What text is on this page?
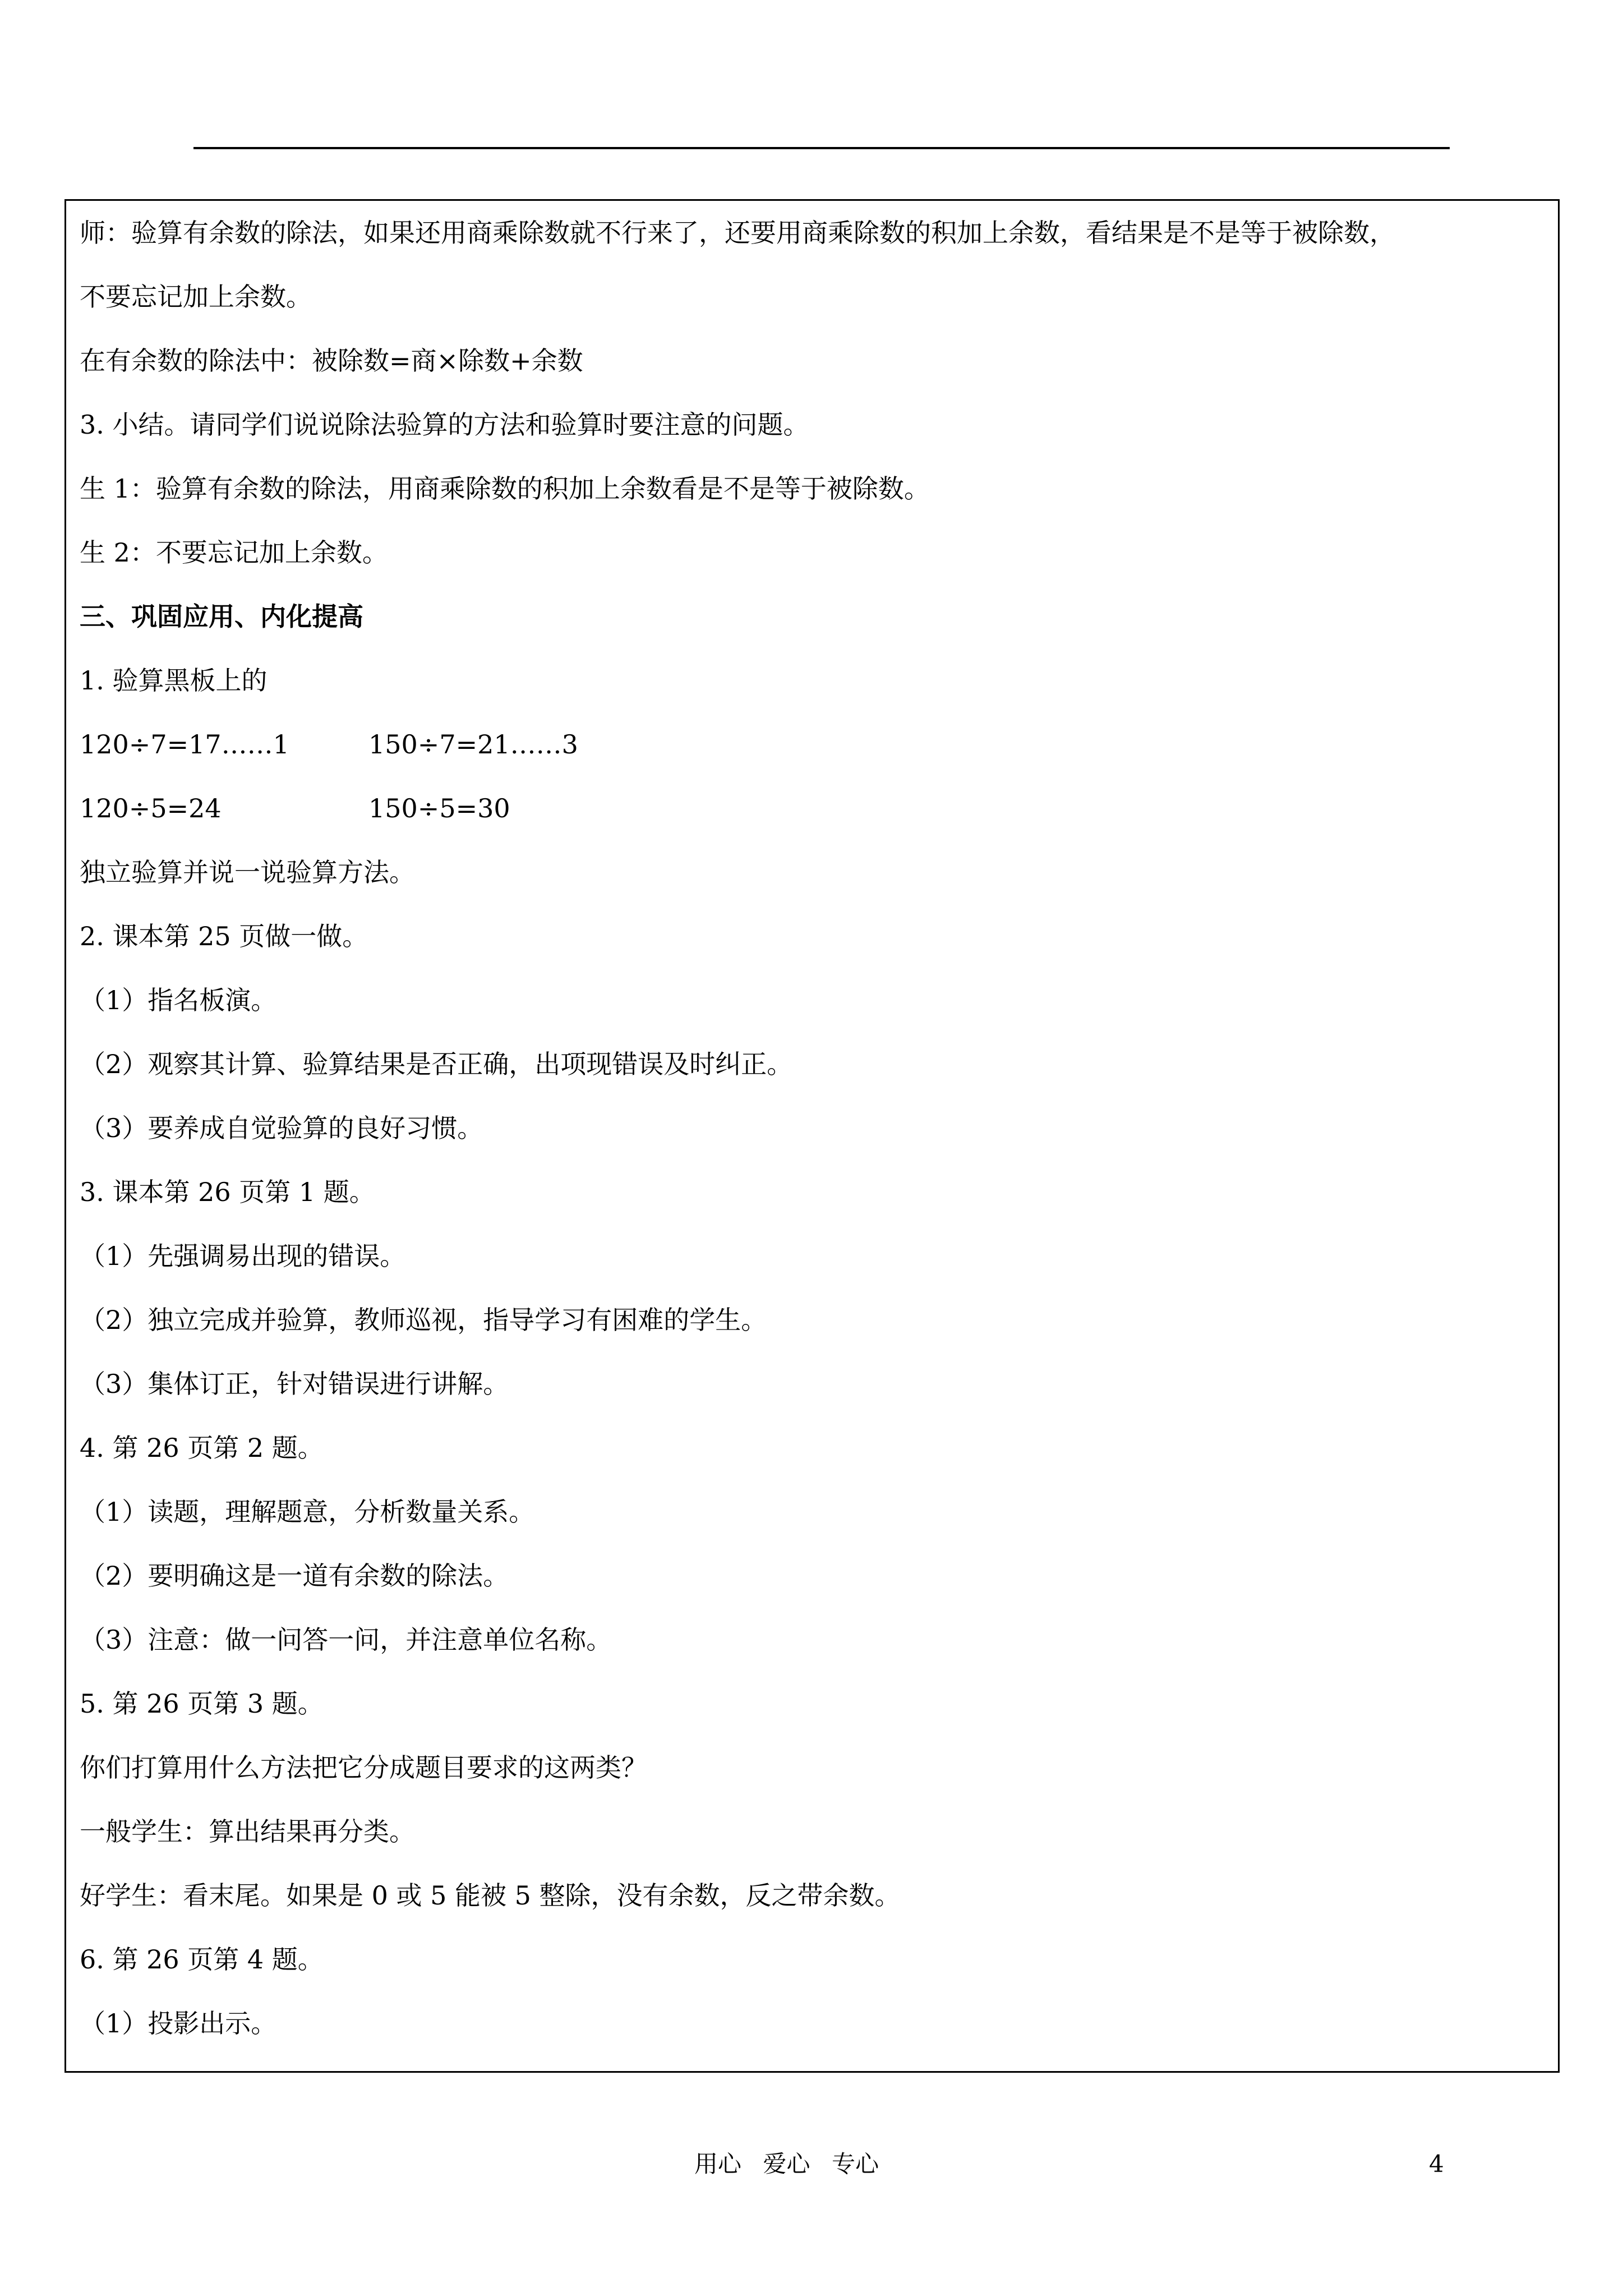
师：验算有余数的除法，如果还用商乘除数就不行来了，还要用商乘除数的积加上余数，看结果是不是等于被除数，
不要忘记加上余数。
在有余数的除法中：被除数=商×除数+余数
3. 小结。请同学们说说除法验算的方法和验算时要注意的问题。
生 1：验算有余数的除法，用商乘除数的积加上余数看是不是等于被除数。
生 2：不要忘记加上余数。
三、巩固应用、内化提高
1. 验算黑板上的
120÷7=17……1	150÷7=21……3
120÷5=24	150÷5=30
独立验算并说一说验算方法。
2. 课本第 25 页做一做。
（1）指名板演。
（2）观察其计算、验算结果是否正确，出项现错误及时纠正。
（3）要养成自觉验算的良好习惯。
3. 课本第 26 页第 1 题。
（1）先强调易出现的错误。
（2）独立完成并验算，教师巡视，指导学习有困难的学生。
（3）集体订正，针对错误进行讲解。
4. 第 26 页第 2 题。
（1）读题，理解题意，分析数量关系。
（2）要明确这是一道有余数的除法。
（3）注意：做一问答一问，并注意单位名称。
5. 第 26 页第 3 题。
你们打算用什么方法把它分成题目要求的这两类？
一般学生：算出结果再分类。
好学生：看末尾。如果是 0 或 5 能被 5 整除，没有余数，反之带余数。
6. 第 26 页第 4 题。
（1）投影出示。
用心 爱心 专心	4
